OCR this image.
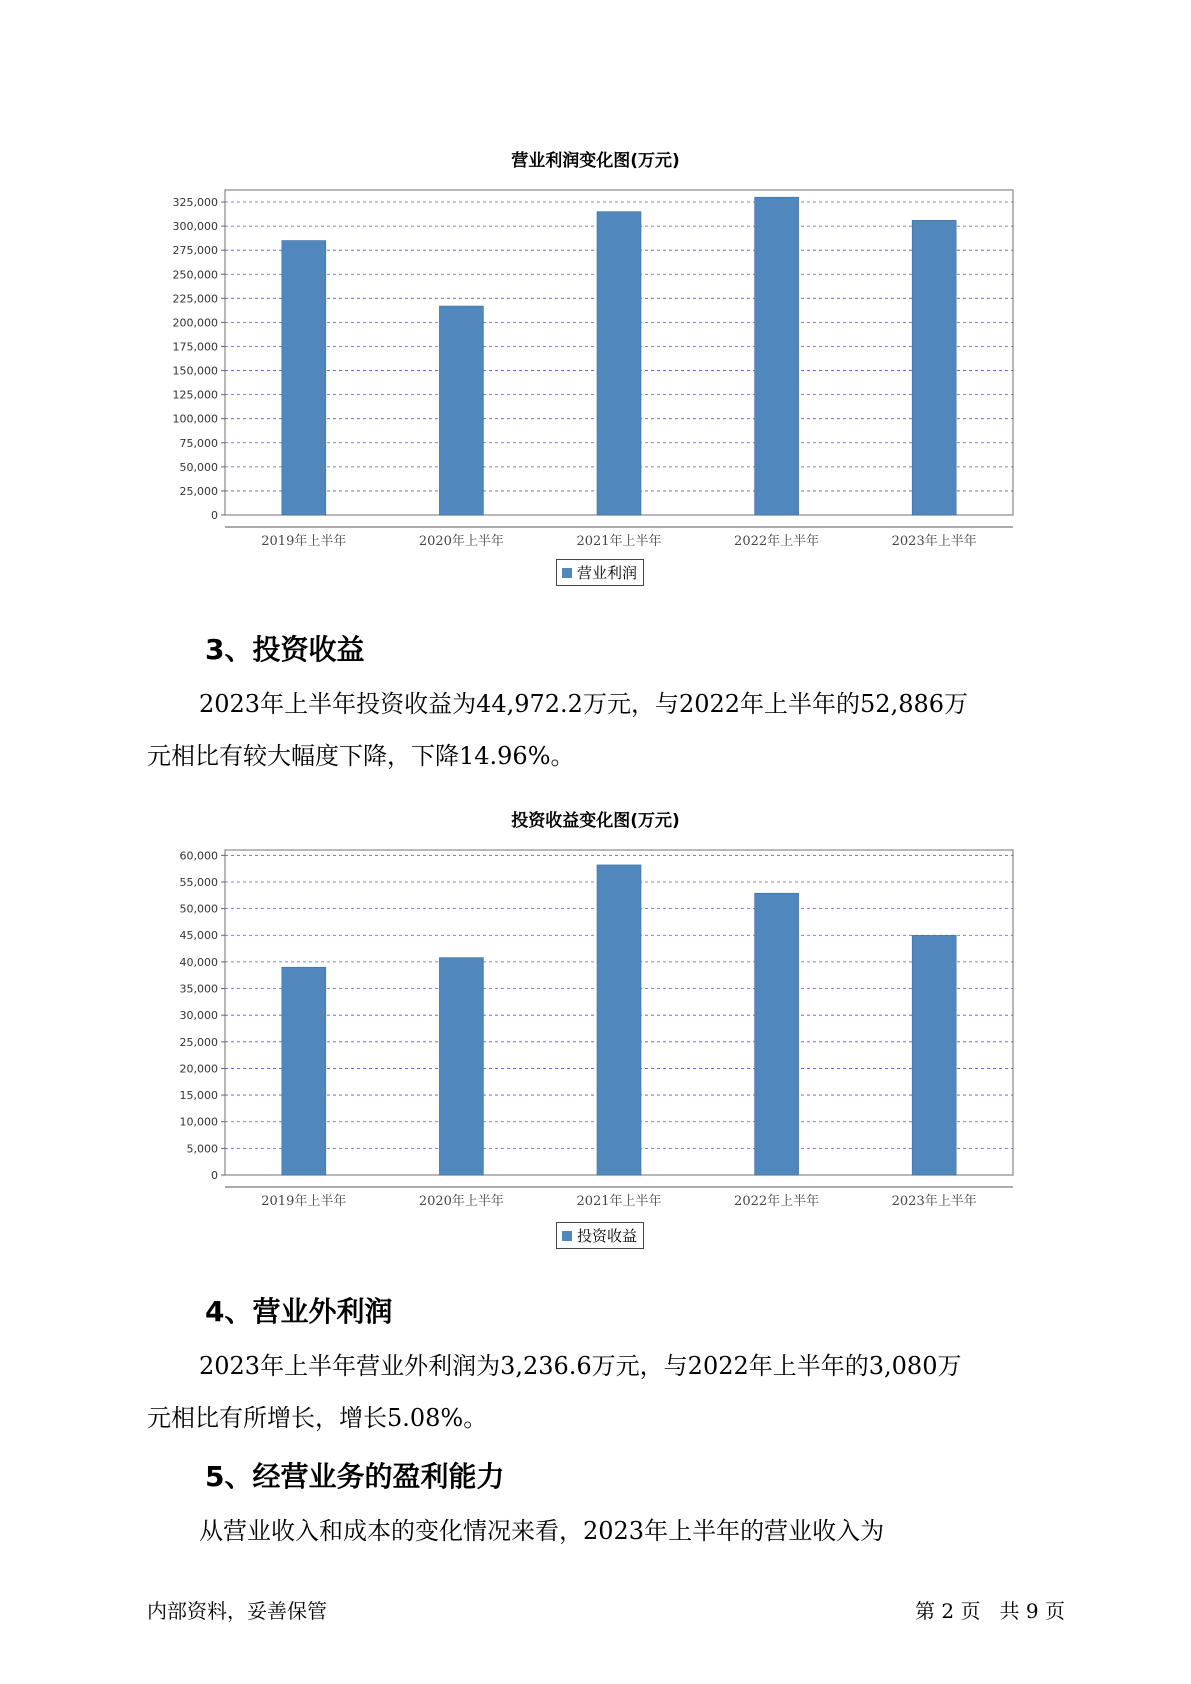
营业利润变化图(万元)
0
25,000
50,000
75,000
100,000
125,000
150,000
175,000
200,000
225,000
250,000
275,000
300,000
325,000
2019年上半年	2020年上半年	2021年上半年	2022年上半年	2023年上半年
营业利润
3、投资收益
2023年上半年投资收益为44,972.2万元，与2022年上半年的52,886万
元相比有较大幅度下降，下降14.96%。
投资收益变化图(万元)
0
5,000
10,000
15,000
20,000
25,000
30,000
35,000
40,000
45,000
50,000
55,000
60,000
2019年上半年	2020年上半年	2021年上半年	2022年上半年	2023年上半年
投资收益
4、营业外利润
2023年上半年营业外利润为3,236.6万元，与2022年上半年的3,080万
元相比有所增长，增长5.08%。
5、经营业务的盈利能力
从营业收入和成本的变化情况来看，2023年上半年的营业收入为
内部资料，妥善保管	第 2 页   共 9 页
